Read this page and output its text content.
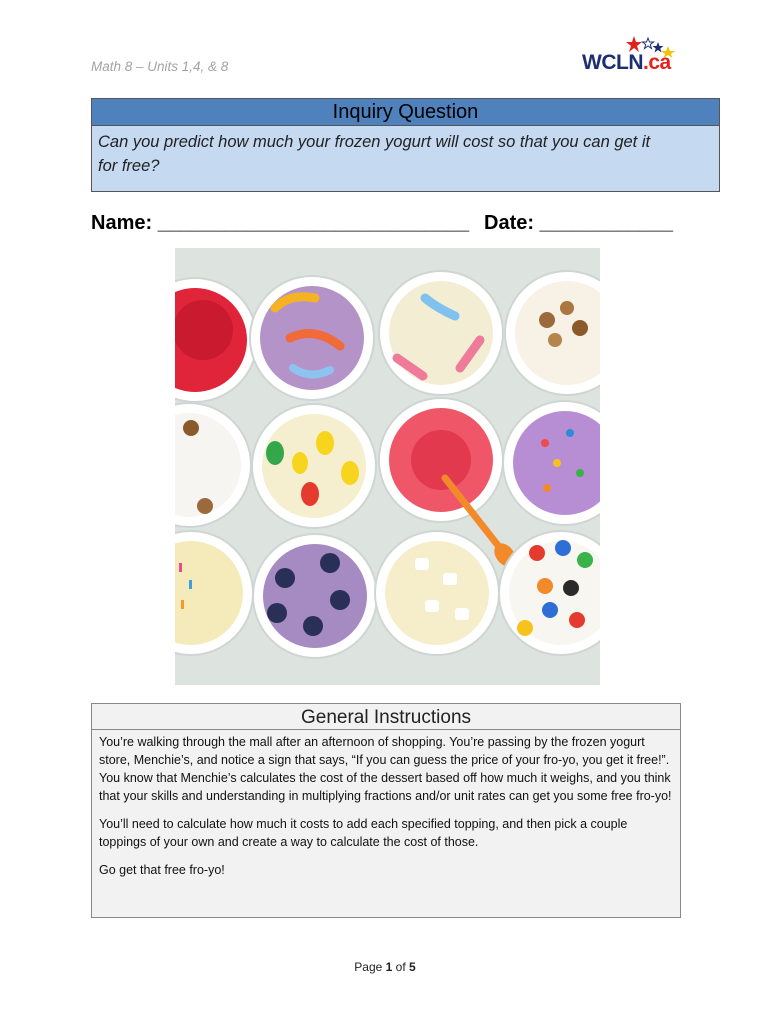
Math 8 – Units 1,4, & 8	WCLN.ca
Inquiry Question
Can you predict how much your frozen yogurt will cost so that you can get it
for free?
Name: ____________________________ Date: ____________
General Instructions

You’re walking through the mall after an afternoon of shopping. You’re passing by the frozen yogurt store, Menchie’s, and notice a sign that says, “If you can guess the price of your fro-yo, you get it free!”. You know that Menchie’s calculates the cost of the dessert based off how much it weighs, and you think that your skills and understanding in multiplying fractions and/or unit rates can get you some free fro-yo!

You’ll need to calculate how much it costs to add each specified topping, and then pick a couple toppings of your own and create a way to calculate the cost of those.

Go get that free fro-yo!

Page 1 of 5
